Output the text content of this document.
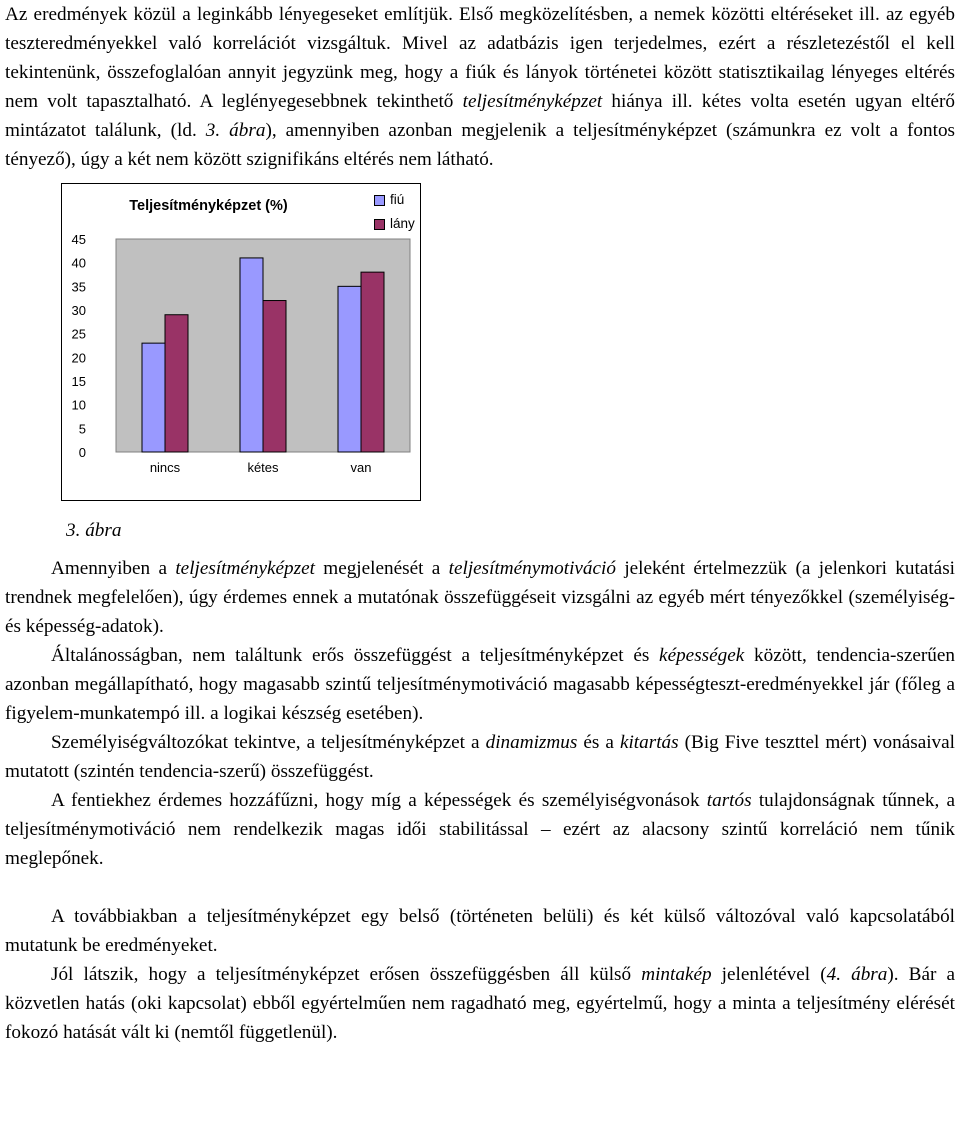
Az eredmények közül a leginkább lényegeseket említjük. Első megközelítésben, a nemek közötti eltéréseket ill. az egyéb teszteredményekkel való korrelációt vizsgáltuk. Mivel az adatbázis igen terjedelmes, ezért a részletezéstől el kell tekintenünk, összefoglalóan annyit jegyzünk meg, hogy a fiúk és lányok történetei között statisztikailag lényeges eltérés nem volt tapasztalható. A leglényegesebbnek tekinthető teljesítményképzet hiánya ill. kétes volta esetén ugyan eltérő mintázatot találunk, (ld. 3. ábra), amennyiben azonban megjelenik a teljesítményképzet (számunkra ez volt a fontos tényező), úgy a két nem között szignifikáns eltérés nem látható.

Teljesítményképzet (%)
0
5
10
15
20
25
30
35
40
45
nincs	kétes	van
fiú
lány
3. ábra

Amennyiben a teljesítményképzet megjelenését a teljesítménymotiváció jeleként értelmezzük (a jelenkori kutatási trendnek megfelelően), úgy érdemes ennek a mutatónak összefüggéseit vizsgálni az egyéb mért tényezőkkel (személyiség- és képesség-adatok).

Általánosságban, nem találtunk erős összefüggést a teljesítményképzet és képességek között, tendencia-szerűen azonban megállapítható, hogy magasabb szintű teljesítménymotiváció magasabb képességteszt-eredményekkel jár (főleg a figyelem-munkatempó ill. a logikai készség esetében).

Személyiségváltozókat tekintve, a teljesítményképzet a dinamizmus és a kitartás (Big Five teszttel mért) vonásaival mutatott (szintén tendencia-szerű) összefüggést.

A fentiekhez érdemes hozzáfűzni, hogy míg a képességek és személyiségvonások tartós tulajdonságnak tűnnek, a teljesítménymotiváció nem rendelkezik magas idői stabilitással – ezért az alacsony szintű korreláció nem tűnik meglepőnek.

A továbbiakban a teljesítményképzet egy belső (történeten belüli) és két külső változóval való kapcsolatából mutatunk be eredményeket.

Jól látszik, hogy a teljesítményképzet erősen összefüggésben áll külső mintakép jelenlétével (4. ábra). Bár a közvetlen hatás (oki kapcsolat) ebből egyértelműen nem ragadható meg, egyértelmű, hogy a minta a teljesítmény elérését fokozó hatását vált ki (nemtől függetlenül).
